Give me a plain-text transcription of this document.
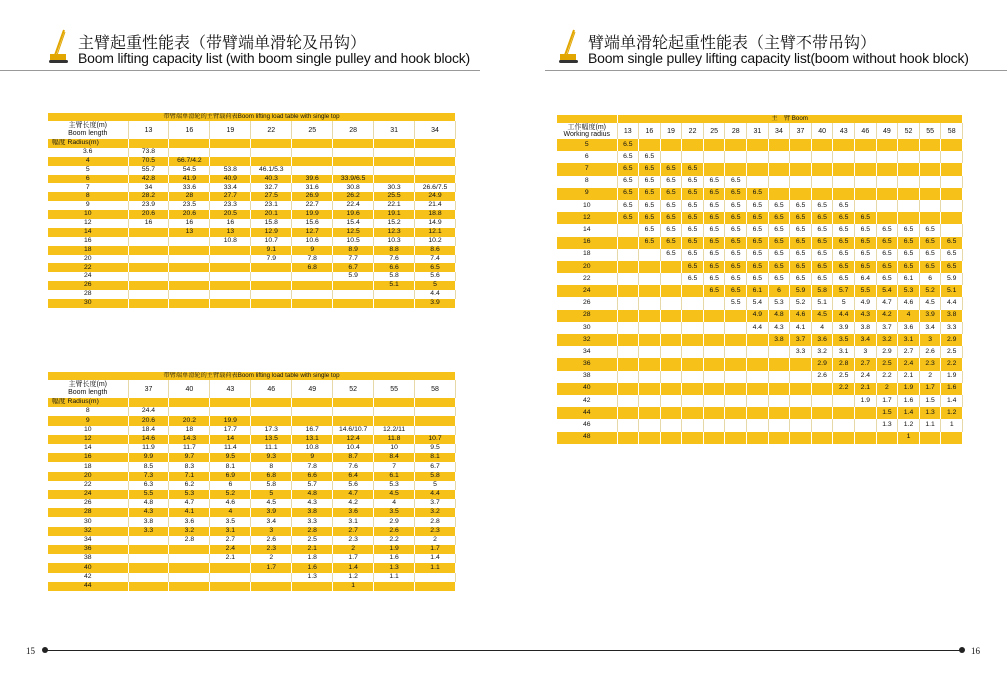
主臂起重性能表（带臂端单滑轮及吊钩）
Boom lifting capacity list (with boom single pulley and hook block)
臂端单滑轮起重性能表（主臂不带吊钩）
Boom single pulley lifting capacity list(boom without hook block)
带臂端单滑轮的主臂载荷表Boom lifting load table with single top								

主臂长度(m)
Boom length	13	16	19	22	25	28	31	34
幅度 Radius(m)								
3.6	73.8							
4	70.5	66.7/4.2						
5	55.7	54.5	53.8	46.1/5.3				
6	42.8	41.9	40.9	40.3	39.6	33.9/6.5		
7	34	33.6	33.4	32.7	31.6	30.8	30.3	26.6/7.5
8	28.2	28	27.7	27.5	26.9	26.2	25.5	24.9
9	23.9	23.5	23.3	23.1	22.7	22.4	22.1	21.4
10	20.6	20.6	20.5	20.1	19.9	19.6	19.1	18.8
12	16	16	16	15.8	15.6	15.4	15.2	14.9
14		13	13	12.9	12.7	12.5	12.3	12.1
16			10.8	10.7	10.6	10.5	10.3	10.2
18				9.1	9	8.9	8.8	8.6
20				7.9	7.8	7.7	7.6	7.4
22					6.8	6.7	6.6	6.5
24						5.9	5.8	5.6
26							5.1	5
28								4.4
30								3.9
带臂端单滑轮的主臂载荷表Boom lifting load table with single top								

主臂长度(m)
Boom length	37	40	43	46	49	52	55	58
幅度 Radius(m)								
8	24.4							
9	20.6	20.2	19.9					
10	18.4	18	17.7	17.3	16.7	14.6/10.7	12.2/11	
12	14.6	14.3	14	13.5	13.1	12.4	11.8	10.7
14	11.9	11.7	11.4	11.1	10.8	10.4	10	9.5
16	9.9	9.7	9.5	9.3	9	8.7	8.4	8.1
18	8.5	8.3	8.1	8	7.8	7.6	7	6.7
20	7.3	7.1	6.9	6.8	6.6	6.4	6.1	5.8
22	6.3	6.2	6	5.8	5.7	5.6	5.3	5
24	5.5	5.3	5.2	5	4.8	4.7	4.5	4.4
26	4.8	4.7	4.6	4.5	4.3	4.2	4	3.7
28	4.3	4.1	4	3.9	3.8	3.6	3.5	3.2
30	3.8	3.6	3.5	3.4	3.3	3.1	2.9	2.8
32	3.3	3.2	3.1	3	2.8	2.7	2.6	2.3
34		2.8	2.7	2.6	2.5	2.3	2.2	2
36			2.4	2.3	2.1	2	1.9	1.7
38			2.1	2	1.8	1.7	1.6	1.4
40				1.7	1.6	1.4	1.3	1.1
42					1.3	1.2	1.1	
44						1		
	主　臂 Boom															

工作幅度(m)
Working radius	13	16	19	22	25	28	31	34	37	40	43	46	49	52	55	58
5	6.5															
6	6.5	6.5														
7	6.5	6.5	6.5	6.5												
8	6.5	6.5	6.5	6.5	6.5	6.5										
9	6.5	6.5	6.5	6.5	6.5	6.5	6.5									
10	6.5	6.5	6.5	6.5	6.5	6.5	6.5	6.5	6.5	6.5	6.5					
12	6.5	6.5	6.5	6.5	6.5	6.5	6.5	6.5	6.5	6.5	6.5	6.5				
14		6.5	6.5	6.5	6.5	6.5	6.5	6.5	6.5	6.5	6.5	6.5	6.5	6.5	6.5	
16		6.5	6.5	6.5	6.5	6.5	6.5	6.5	6.5	6.5	6.5	6.5	6.5	6.5	6.5	6.5
18			6.5	6.5	6.5	6.5	6.5	6.5	6.5	6.5	6.5	6.5	6.5	6.5	6.5	6.5
20				6.5	6.5	6.5	6.5	6.5	6.5	6.5	6.5	6.5	6.5	6.5	6.5	6.5
22				6.5	6.5	6.5	6.5	6.5	6.5	6.5	6.5	6.4	6.5	6.1	6	5.9
24					6.5	6.5	6.1	6	5.9	5.8	5.7	5.5	5.4	5.3	5.2	5.1
26						5.5	5.4	5.3	5.2	5.1	5	4.9	4.7	4.6	4.5	4.4
28							4.9	4.8	4.6	4.5	4.4	4.3	4.2	4	3.9	3.8
30							4.4	4.3	4.1	4	3.9	3.8	3.7	3.6	3.4	3.3
32								3.8	3.7	3.6	3.5	3.4	3.2	3.1	3	2.9
34									3.3	3.2	3.1	3	2.9	2.7	2.6	2.5
36										2.9	2.8	2.7	2.5	2.4	2.3	2.2
38										2.6	2.5	2.4	2.2	2.1	2	1.9
40											2.2	2.1	2	1.9	1.7	1.6
42												1.9	1.7	1.6	1.5	1.4
44													1.5	1.4	1.3	1.2
46													1.3	1.2	1.1	1
48														1		
15	16
